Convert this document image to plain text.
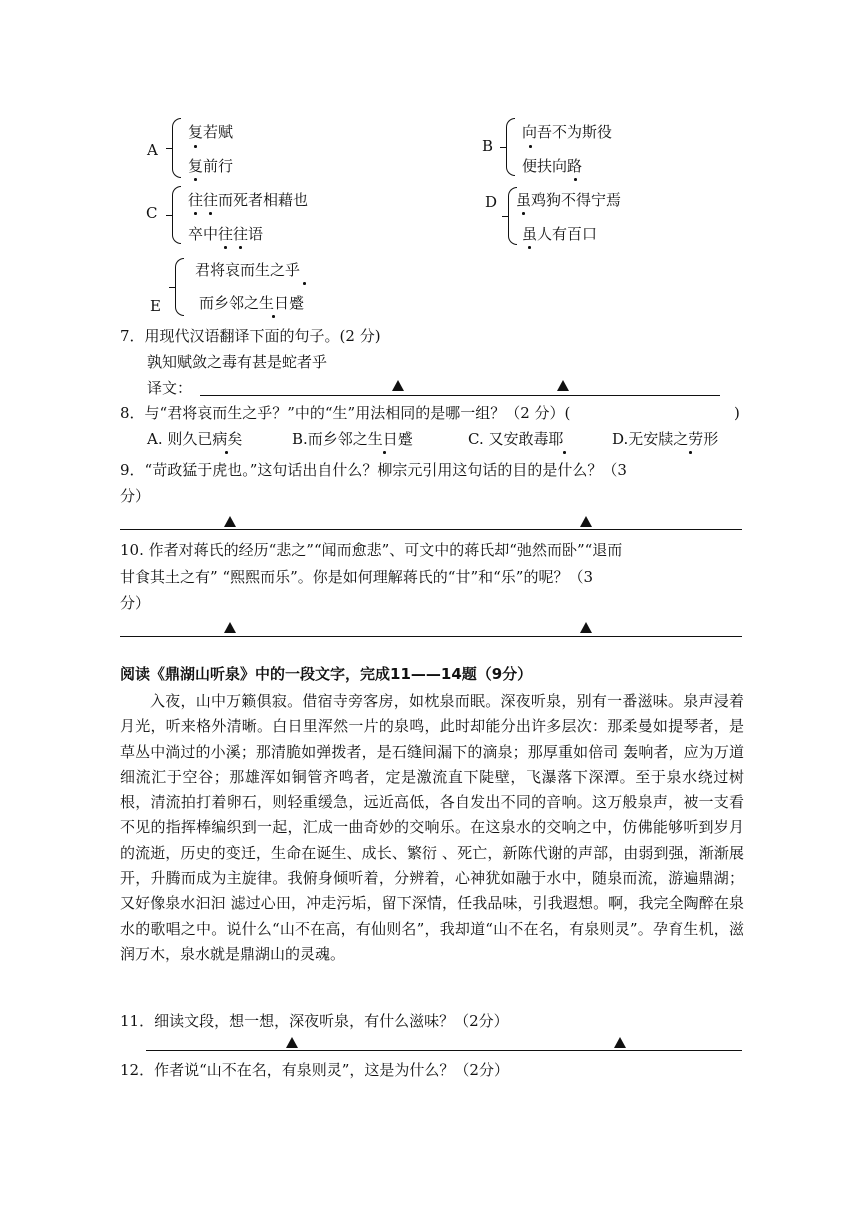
A
复若赋
复前行
B
向吾不为斯役
便扶向路
C
往往而死者相藉也
卒中往往语
D 虽鸡狗不得宁焉
虽人有百口
E
君将哀而生之乎
而乡邻之生日蹙
7．用现代汉语翻译下面的句子。(2 分)
孰知赋敛之毒有甚是蛇者乎
译文：
8．与“君将哀而生之乎？”中的“生”用法相同的是哪一组？（2 分）(	)
A. 则久已病矣	B.而乡邻之生日蹙	C. 又安敢毒耶	D.无安牍之劳形
9．“苛政猛于虎也。”这句话出自什么？柳宗元引用这句话的目的是什么？（3
分）
10. 作者对蒋氏的经历“悲之”“闻而愈悲”、可文中的蒋氏却“弛然而卧”“退而
甘食其土之有” “熙熙而乐”。你是如何理解蒋氏的“甘”和“乐”的呢？（3
分）
阅读《鼎湖山听泉》中的一段文字，完成11——14题（9分）

入夜，山中万籁俱寂。借宿寺旁客房，如枕泉而眠。深夜听泉，别有一番滋味。泉声浸着月光，听来格外清晰。白日里浑然一片的泉鸣，此时却能分出许多层次：那柔曼如提琴者，是草丛中淌过的小溪；那清脆如弹拨者，是石缝间漏下的滴泉；那厚重如倍司 轰响者，应为万道细流汇于空谷；那雄浑如铜管齐鸣者，定是激流直下陡壁，飞瀑落下深潭。至于泉水绕过树根，清流拍打着卵石，则轻重缓急，远近高低，各自发出不同的音响。这万般泉声，被一支看不见的指挥棒编织到一起，汇成一曲奇妙的交响乐。在这泉水的交响之中，仿佛能够听到岁月的流逝，历史的变迁，生命在诞生、成长、繁衍 、死亡，新陈代谢的声部，由弱到强，渐渐展开，升腾而成为主旋律。我俯身倾听着，分辨着，心神犹如融于水中，随泉而流，游遍鼎湖；又好像泉水汩汩 滤过心田，冲走污垢，留下深情，任我品味，引我遐想。啊，我完全陶醉在泉水的歌唱之中。说什么“山不在高，有仙则名”，我却道“山不在名，有泉则灵”。孕育生机，滋润万木，泉水就是鼎湖山的灵魂。

11．细读文段，想一想，深夜听泉，有什么滋味？（2分）
12．作者说“山不在名，有泉则灵”，这是为什么？（2分）
